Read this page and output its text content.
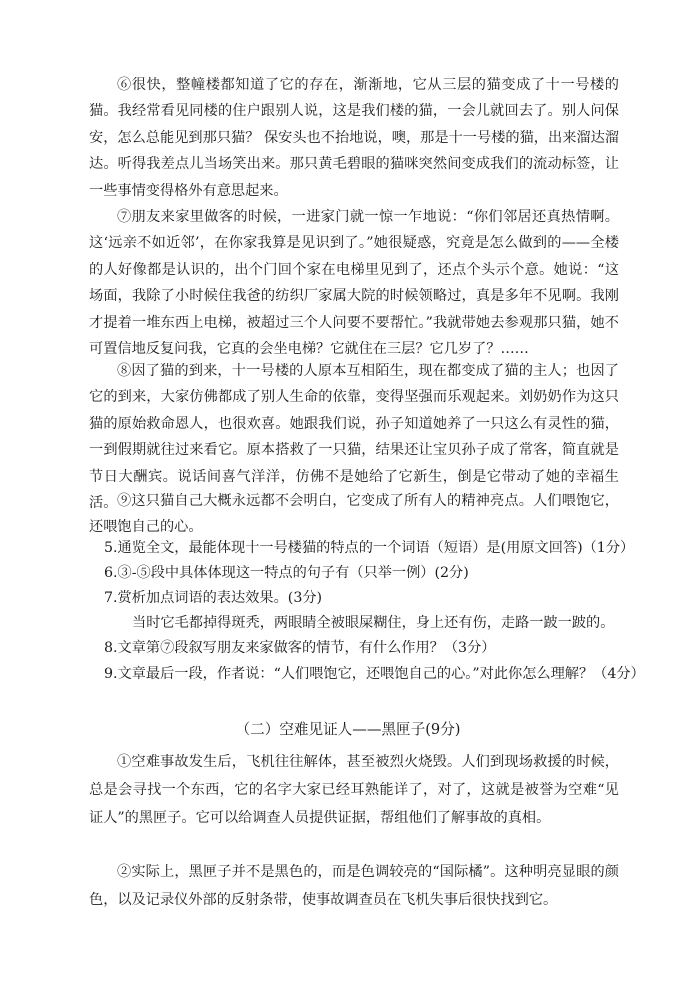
⑥很快，整幢楼都知道了它的存在，渐渐地，它从三层的猫变成了十一号楼的猫。我经常看见同楼的住户跟别人说，这是我们楼的猫，一会儿就回去了。别人问保安，怎么总能见到那只猫？ 保安头也不抬地说，噢，那是十一号楼的猫，出来溜达溜达。听得我差点儿当场笑出来。那只黄毛碧眼的猫咪突然间变成我们的流动标签，让一些事情变得格外有意思起来。

⑦朋友来家里做客的时候，一进家门就一惊一乍地说：“你们邻居还真热情啊。这‘远亲不如近邻’，在你家我算是见识到了。”她很疑惑，究竟是怎么做到的——全楼的人好像都是认识的，出个门回个家在电梯里见到了，还点个头示个意。她说：“这场面，我除了小时候住我爸的纺织厂家属大院的时候领略过，真是多年不见啊。我刚才提着一堆东西上电梯，被超过三个人问要不要帮忙。”我就带她去参观那只猫，她不可置信地反复问我，它真的会坐电梯？它就住在三层？它几岁了？……

⑧因了猫的到来，十一号楼的人原本互相陌生，现在都变成了猫的主人；也因了它的到来，大家仿佛都成了别人生命的依靠，变得坚强而乐观起来。刘奶奶作为这只猫的原始救命恩人，也很欢喜。她跟我们说，孙子知道她养了一只这么有灵性的猫，一到假期就往过来看它。原本搭救了一只猫，结果还让宝贝孙子成了常客，简直就是节日大酬宾。说话间喜气洋洋，仿佛不是她给了它新生，倒是它带动了她的幸福生活。 ⑨这只猫自己大概永远都不会明白，它变成了所有人的精神亮点。人们喂饱它，还喂饱自己的心。

5.通览全文，最能体现十一号楼猫的特点的一个词语（短语）是(用原文回答)（1分）

6.③-⑤段中具体体现这一特点的句子有（只举一例）(2分)

7.赏析加点词语的表达效果。(3分)

当时它毛都掉得斑秃，两眼睛全被眼屎糊住，身上还有伤，走路一跛一跛的。

8.文章第⑦段叙写朋友来家做客的情节，有什么作用？（3分）

9.文章最后一段，作者说：“人们喂饱它，还喂饱自己的心。”对此你怎么理解？（4分）

（二）空难见证人——黑匣子(9分)

①空难事故发生后，飞机往往解体，甚至被烈火烧毁。人们到现场救援的时候，总是会寻找一个东西，它的名字大家已经耳熟能详了，对了，这就是被誉为空难“见证人”的黑匣子。它可以给调查人员提供证据，帮组他们了解事故的真相。

②实际上，黑匣子并不是黑色的，而是色调较亮的“国际橘”。这种明亮显眼的颜色，以及记录仪外部的反射条带，使事故调查员在飞机失事后很快找到它。
